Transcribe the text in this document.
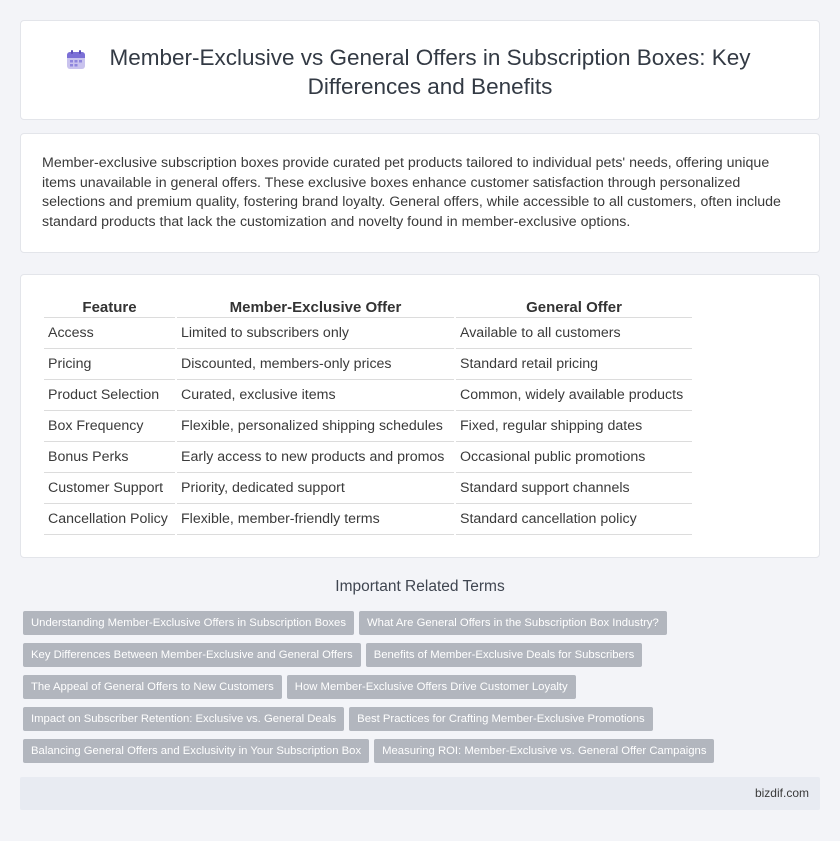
Member-Exclusive vs General Offers in Subscription Boxes: Key Differences and Benefits

Member-exclusive subscription boxes provide curated pet products tailored to individual pets' needs, offering unique items unavailable in general offers. These exclusive boxes enhance customer satisfaction through personalized selections and premium quality, fostering brand loyalty. General offers, while accessible to all customers, often include standard products that lack the customization and novelty found in member-exclusive options.

Feature	Member-Exclusive Offer	General Offer
Access	Limited to subscribers only	Available to all customers
Pricing	Discounted, members-only prices	Standard retail pricing
Product Selection	Curated, exclusive items	Common, widely available products
Box Frequency	Flexible, personalized shipping schedules	Fixed, regular shipping dates
Bonus Perks	Early access to new products and promos	Occasional public promotions
Customer Support	Priority, dedicated support	Standard support channels
Cancellation Policy	Flexible, member-friendly terms	Standard cancellation policy
Important Related Terms
Understanding Member-Exclusive Offers in Subscription Boxes What Are General Offers in the Subscription Box Industry?
Key Differences Between Member-Exclusive and General Offers Benefits of Member-Exclusive Deals for Subscribers
The Appeal of General Offers to New Customers How Member-Exclusive Offers Drive Customer Loyalty
Impact on Subscriber Retention: Exclusive vs. General Deals Best Practices for Crafting Member-Exclusive Promotions
Balancing General Offers and Exclusivity in Your Subscription Box Measuring ROI: Member-Exclusive vs. General Offer Campaigns
bizdif.com
